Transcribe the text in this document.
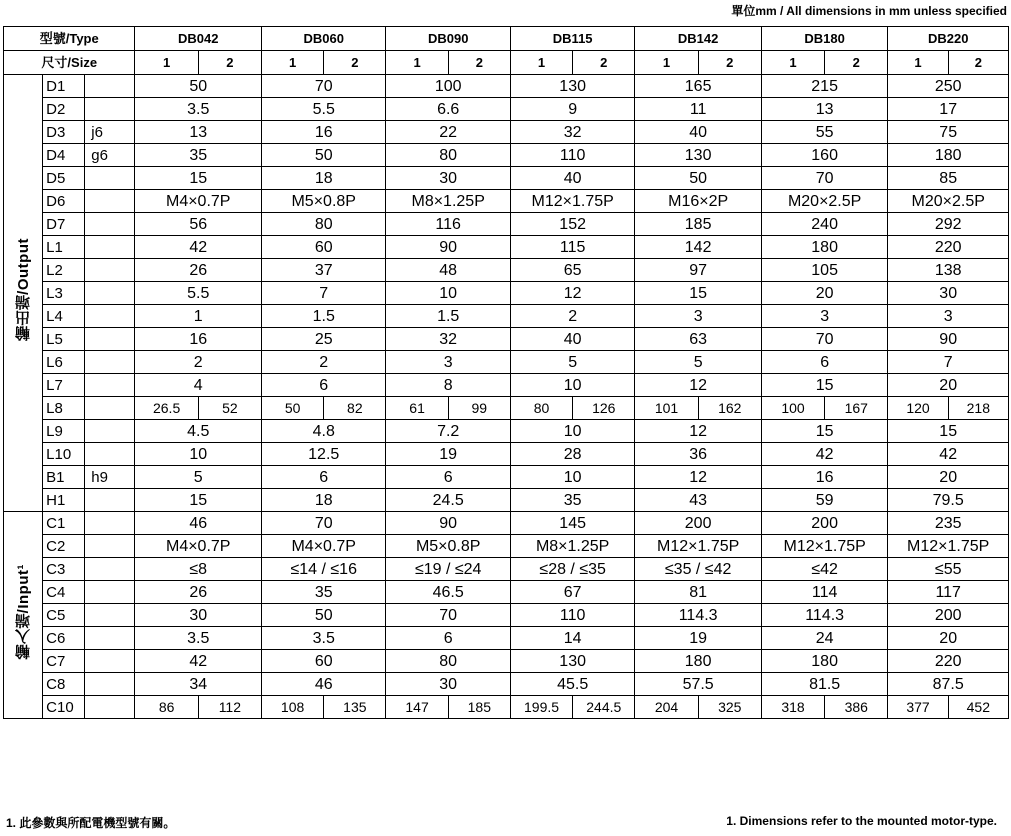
單位mm / All dimensions in mm unless specified
型號/Type			DB042		DB060		DB090		DB115		DB142		DB180		DB220	
尺寸/Size			1	2	1	2	1	2	1	2	1	2	1	2	1	2
輸出端/Output	D1		50		70		100		130		165		215		250	
	D2		3.5		5.5		6.6		9		11		13		17	
	D3	j6	13		16		22		32		40		55		75	
	D4	g6	35		50		80		110		130		160		180	
	D5		15		18		30		40		50		70		85	
	D6		M4×0.7P		M5×0.8P		M8×1.25P		M12×1.75P		M16×2P		M20×2.5P		M20×2.5P	
	D7		56		80		116		152		185		240		292	
	L1		42		60		90		115		142		180		220	
	L2		26		37		48		65		97		105		138	
	L3		5.5		7		10		12		15		20		30	
	L4		1		1.5		1.5		2		3		3		3	
	L5		16		25		32		40		63		70		90	
	L6		2		2		3		5		5		6		7	
	L7		4		6		8		10		12		15		20	
	L8		26.5	52	50	82	61	99	80	126	101	162	100	167	120	218
	L9		4.5		4.8		7.2		10		12		15		15	
	L10		10		12.5		19		28		36		42		42	
	B1	h9	5		6		6		10		12		16		20	
	H1		15		18		24.5		35		43		59		79.5	
輸入端/Input¹	C1		46		70		90		145		200		200		235	
	C2		M4×0.7P		M4×0.7P		M5×0.8P		M8×1.25P		M12×1.75P		M12×1.75P		M12×1.75P	
	C3		≤8		≤14 / ≤16		≤19 / ≤24		≤28 / ≤35		≤35 / ≤42		≤42		≤55	
	C4		26		35		46.5		67		81		114		117	
	C5		30		50		70		110		114.3		114.3		200	
	C6		3.5		3.5		6		14		19		24		20	
	C7		42		60		80		130		180		180		220	
	C8		34		46		30		45.5		57.5		81.5		87.5	
	C10		86	112	108	135	147	185	199.5	244.5	204	325	318	386	377	452
1. 此參數與所配電機型號有關。	1. Dimensions refer to the mounted motor-type.
